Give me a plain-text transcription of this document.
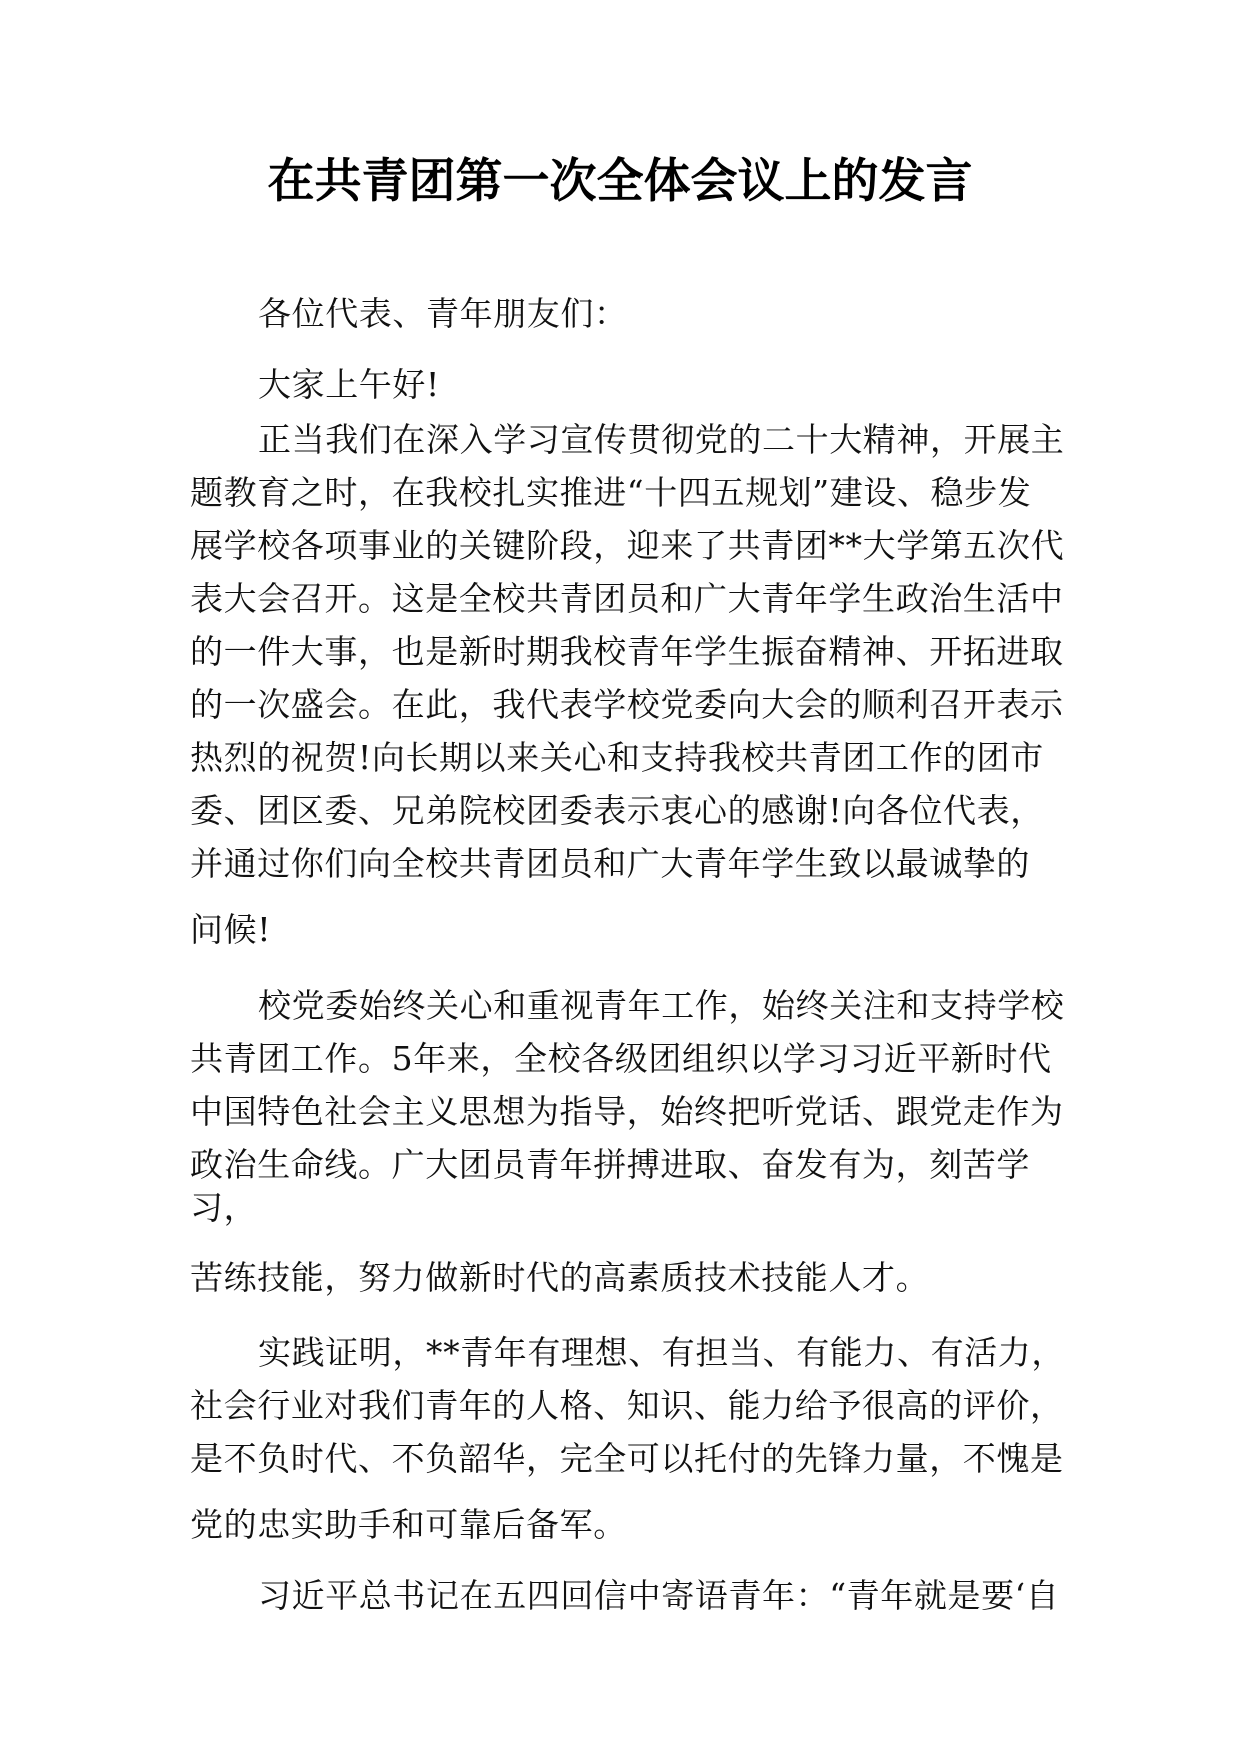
在共青团第一次全体会议上的发言

各位代表、青年朋友们：

大家上午好!

正当我们在深入学习宣传贯彻党的二十大精神，开展主

题教育之时，在我校扎实推进“十四五规划”建设、稳步发

展学校各项事业的关键阶段，迎来了共青团**大学第五次代

表大会召开。这是全校共青团员和广大青年学生政治生活中

的一件大事，也是新时期我校青年学生振奋精神、开拓进取

的一次盛会。在此，我代表学校党委向大会的顺利召开表示

热烈的祝贺!向长期以来关心和支持我校共青团工作的团市

委、团区委、兄弟院校团委表示衷心的感谢!向各位代表，

并通过你们向全校共青团员和广大青年学生致以最诚挚的

问候!

校党委始终关心和重视青年工作，始终关注和支持学校

共青团工作。5年来，全校各级团组织以学习习近平新时代

中国特色社会主义思想为指导，始终把听党话、跟党走作为

政治生命线。广大团员青年拼搏进取、奋发有为，刻苦学

习，

苦练技能，努力做新时代的高素质技术技能人才。

实践证明，**青年有理想、有担当、有能力、有活力，

社会行业对我们青年的人格、知识、能力给予很高的评价，

是不负时代、不负韶华，完全可以托付的先锋力量，不愧是

党的忠实助手和可靠后备军。

习近平总书记在五四回信中寄语青年：“青年就是要‘自
